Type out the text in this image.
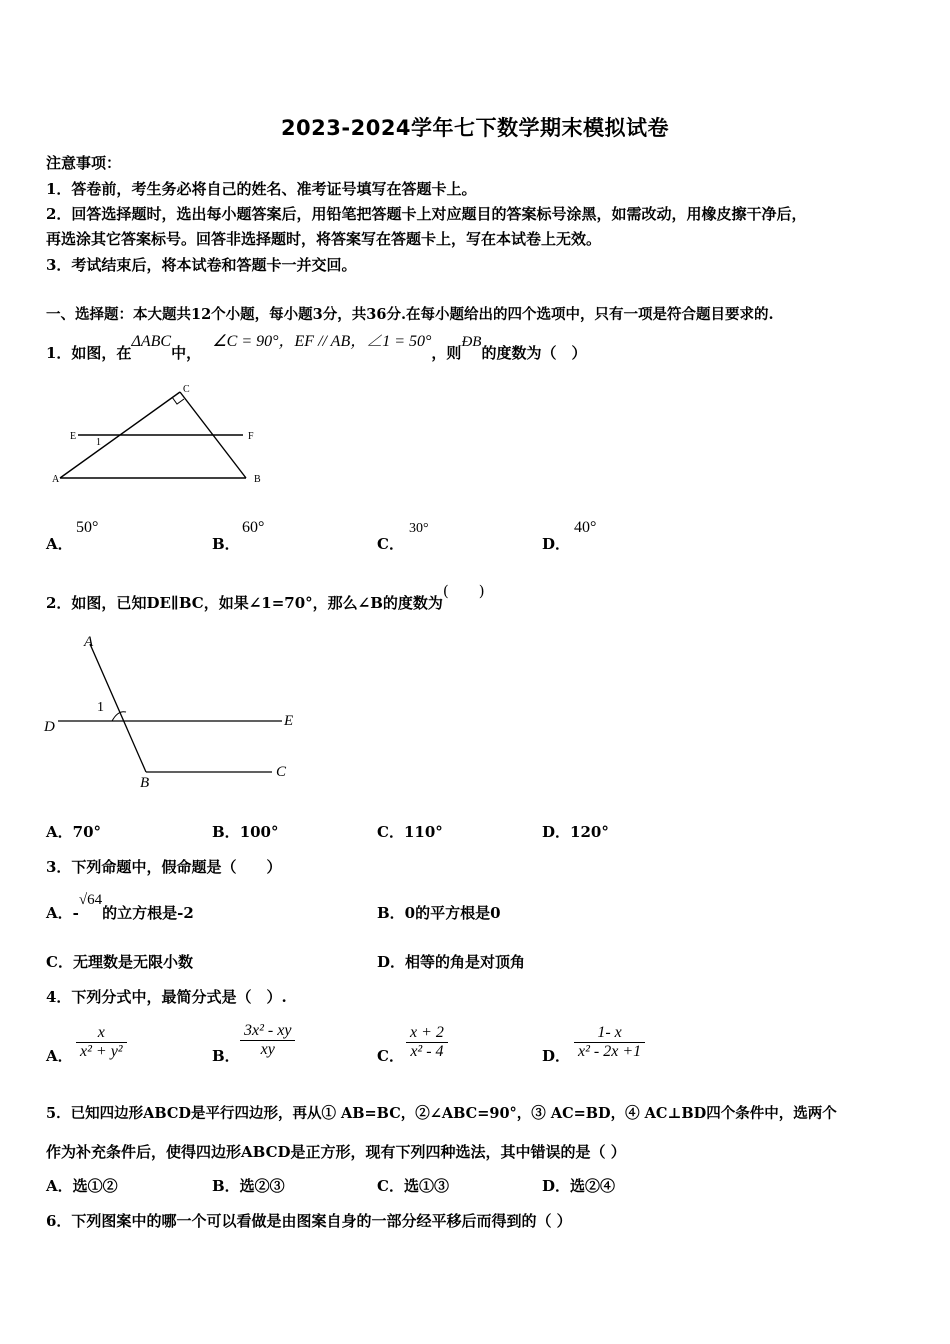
2023-2024学年七下数学期末模拟试卷
注意事项：
1．答卷前，考生务必将自己的姓名、准考证号填写在答题卡上。
2．回答选择题时，选出每小题答案后，用铅笔把答题卡上对应题目的答案标号涂黑，如需改动，用橡皮擦干净后，
再选涂其它答案标号。回答非选择题时，将答案写在答题卡上，写在本试卷上无效。
3．考试结束后，将本试卷和答题卡一并交回。
一、选择题：本大题共12个小题，每小题3分，共36分.在每小题给出的四个选项中，只有一项是符合题目要求的.
1．如图，在ΔABC中， ∠C = 90°，EF // AB，∠1 = 50°，则ÐB的度数为（　）
C
E	F
A	B
1
A．
50°
B．
60°
C．
30°
D．
40°
2．如图，已知DE∥BC，如果∠1=70°，那么∠B的度数为(　　)
A
D	E
B
C
1
A．70°	B．100°	C．110°	D．120°
3．下列命题中，假命题是（　　）
A．-√64的立方根是-2	B．0的平方根是0
C．无理数是无限小数	D．相等的角是对顶角
4．下列分式中，最简分式是（　）.
A． $\frac{x}{\text{x² + y²}}$	B． $\frac{\text{3x² - xy}}{xy}$	C． $\frac{x + 2}{\text{x² - 4}}$	D． $\frac{1- x}{\text{x² - 2x +1}}$
5．已知四边形ABCD是平行四边形，再从① AB=BC，②∠ABC=90°，③ AC=BD，④ AC⊥BD四个条件中，选两个
作为补充条件后，使得四边形ABCD是正方形，现有下列四种选法，其中错误的是（ ）
A．选①②	B．选②③	C．选①③	D．选②④
6．下列图案中的哪一个可以看做是由图案自身的一部分经平移后而得到的（ ）
